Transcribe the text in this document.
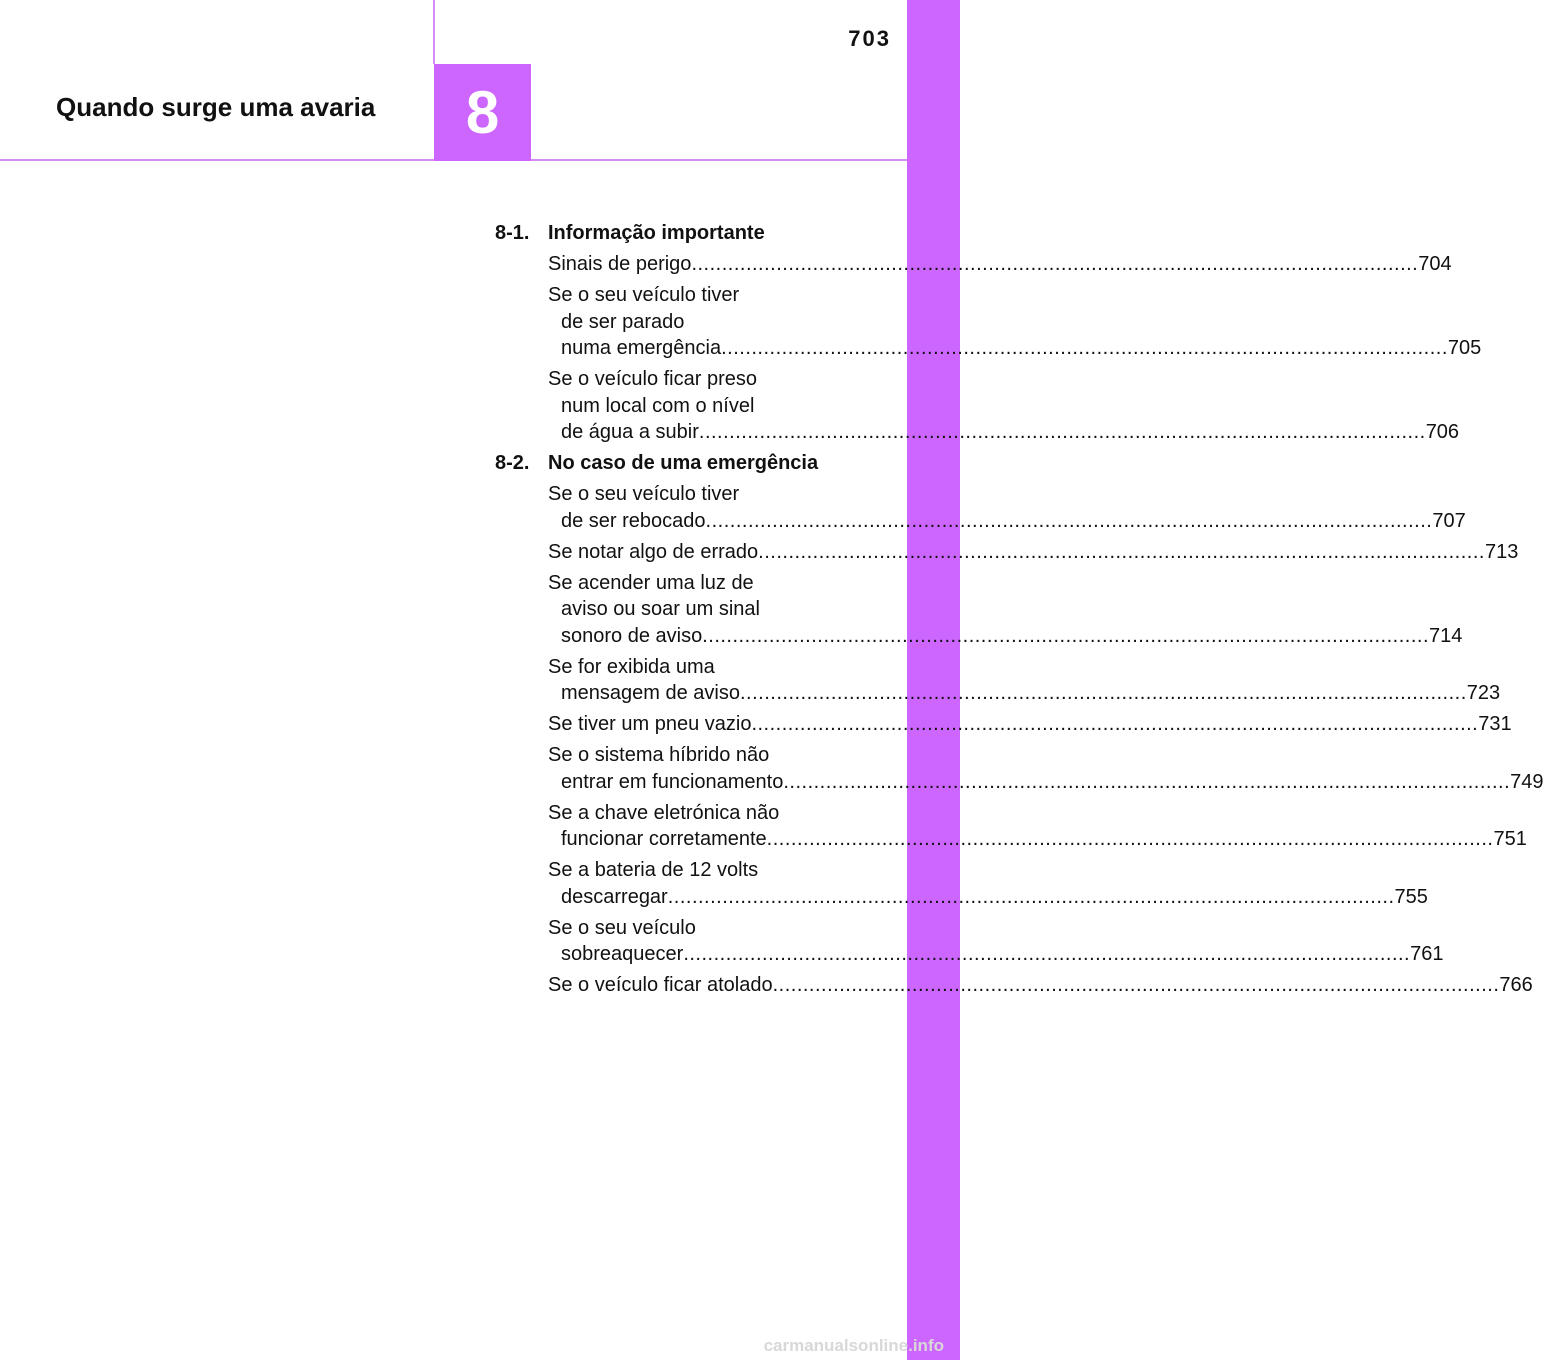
703
Quando surge uma avaria 8
8-1. Informação importante
Sinais de perigo ........................................................................................................................ 704
Se o seu veículo tiver
de ser parado
numa emergência ........................................................................................................................ 705
Se o veículo ficar preso
num local com o nível
de água a subir ........................................................................................................................ 706
8-2. No caso de uma emergência
Se o seu veículo tiver
de ser rebocado ........................................................................................................................ 707
Se notar algo de errado ........................................................................................................................ 713
Se acender uma luz de
aviso ou soar um sinal
sonoro de aviso ........................................................................................................................ 714
Se for exibida uma
mensagem de aviso ........................................................................................................................ 723
Se tiver um pneu vazio ........................................................................................................................ 731
Se o sistema híbrido não
entrar em funcionamento ........................................................................................................................ 749
Se a chave eletrónica não
funcionar corretamente ........................................................................................................................ 751
Se a bateria de 12 volts
descarregar ........................................................................................................................ 755
Se o seu veículo
sobreaquecer ........................................................................................................................ 761
Se o veículo ficar atolado ........................................................................................................................ 766
carmanualsonline.info
